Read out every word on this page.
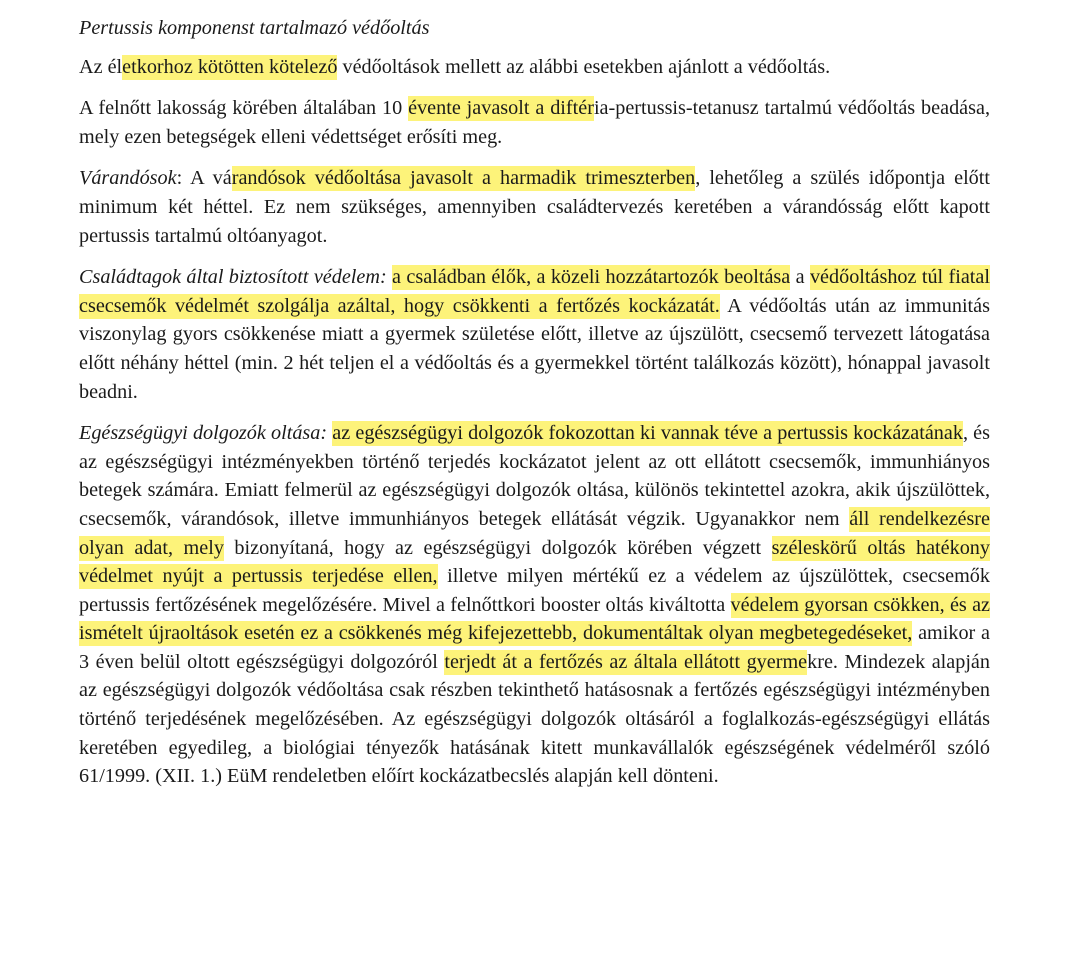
Pertussis komponenst tartalmazó védőoltás

Az életkorhoz kötötten kötelező védőoltások mellett az alábbi esetekben ajánlott a védőoltás.

A felnőtt lakosság körében általában 10 évente javasolt a diftéria-pertussis-tetanusz tartalmú védőoltás beadása, mely ezen betegségek elleni védettséget erősíti meg.

Várandósok: A várandósok védőoltása javasolt a harmadik trimeszterben, lehetőleg a szülés időpontja előtt minimum két héttel. Ez nem szükséges, amennyiben családtervezés keretében a várandósság előtt kapott pertussis tartalmú oltóanyagot.

Családtagok által biztosított védelem: a családban élők, a közeli hozzátartozók beoltása a védőoltáshoz túl fiatal csecsemők védelmét szolgálja azáltal, hogy csökkenti a fertőzés kockázatát. A védőoltás után az immunitás viszonylag gyors csökkenése miatt a gyermek születése előtt, illetve az újszülött, csecsemő tervezett látogatása előtt néhány héttel (min. 2 hét teljen el a védőoltás és a gyermekkel történt találkozás között), hónappal javasolt beadni.

Egészségügyi dolgozók oltása: az egészségügyi dolgozók fokozottan ki vannak téve a pertussis kockázatának, és az egészségügyi intézményekben történő terjedés kockázatot jelent az ott ellátott csecsemők, immunhiányos betegek számára. Emiatt felmerül az egészségügyi dolgozók oltása, különös tekintettel azokra, akik újszülöttek, csecsemők, várandósok, illetve immunhiányos betegek ellátását végzik. Ugyanakkor nem áll rendelkezésre olyan adat, mely bizonyítaná, hogy az egészségügyi dolgozók körében végzett széleskörű oltás hatékony védelmet nyújt a pertussis terjedése ellen, illetve milyen mértékű ez a védelem az újszülöttek, csecsemők pertussis fertőzésének megelőzésére. Mivel a felnőttkori booster oltás kiváltotta védelem gyorsan csökken, és az ismételt újraoltások esetén ez a csökkenés még kifejezettebb, dokumentáltak olyan megbetegedéseket, amikor a 3 éven belül oltott egészségügyi dolgozóról terjedt át a fertőzés az általa ellátott gyermekre. Mindezek alapján az egészségügyi dolgozók védőoltása csak részben tekinthető hatásosnak a fertőzés egészségügyi intézményben történő terjedésének megelőzésében. Az egészségügyi dolgozók oltásáról a foglalkozás-egészségügyi ellátás keretében egyedileg, a biológiai tényezők hatásának kitett munkavállalók egészségének védelméről szóló 61/1999. (XII. 1.) EüM rendeletben előírt kockázatbecslés alapján kell dönteni.
